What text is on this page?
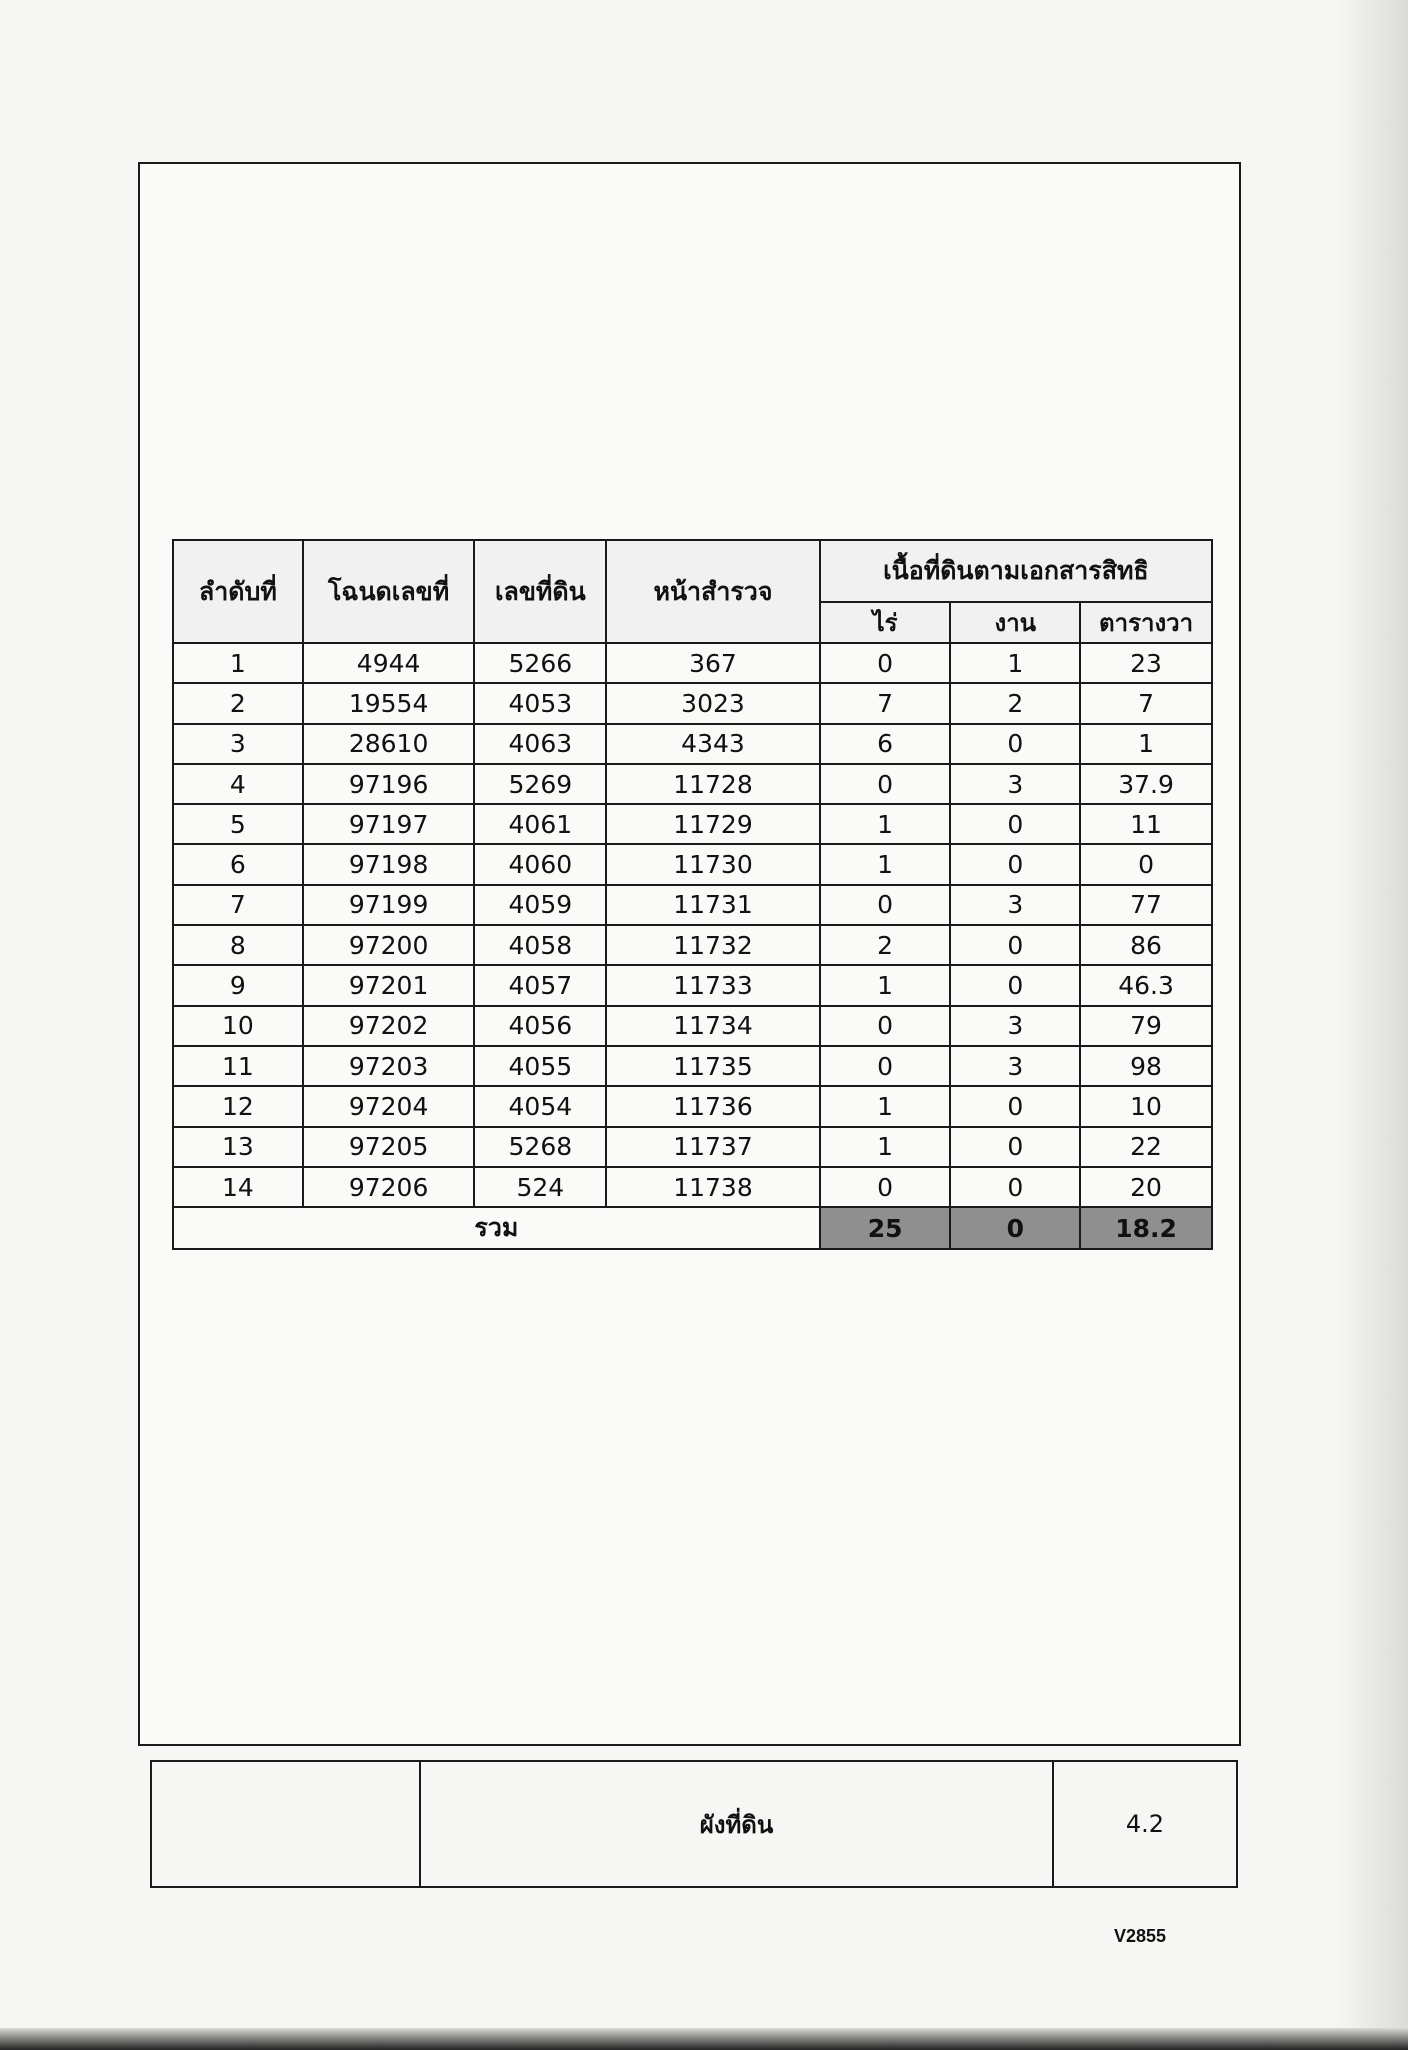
ลำดับที่	โฉนดเลขที่	เลขที่ดิน	หน้าสำรวจ	เนื้อที่ดินตามเอกสารสิทธิ		
				ไร่	งาน	ตารางวา
1	4944	5266	367	0	1	23
2	19554	4053	3023	7	2	7
3	28610	4063	4343	6	0	1
4	97196	5269	11728	0	3	37.9
5	97197	4061	11729	1	0	11
6	97198	4060	11730	1	0	0
7	97199	4059	11731	0	3	77
8	97200	4058	11732	2	0	86
9	97201	4057	11733	1	0	46.3
10	97202	4056	11734	0	3	79
11	97203	4055	11735	0	3	98
12	97204	4054	11736	1	0	10
13	97205	5268	11737	1	0	22
14	97206	524	11738	0	0	20
รวม				25	0	18.2
ผังที่ดิน	4.2
V2855
